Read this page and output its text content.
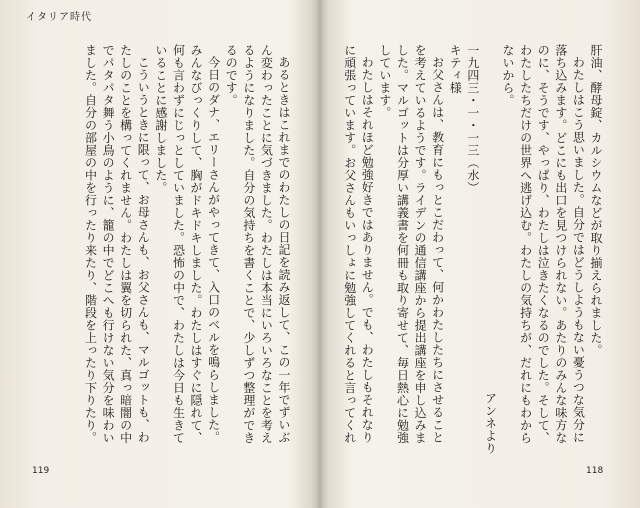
イタリア時代

あるときはこれまでのわたしの日記を読み返して、この一年でずいぶん変わったことに気づきました。わたしは本当にいろいろなことを考えるようになりました。自分の気持ちを書くことで、少しずつ整理ができるのです。

今日のダナ、エリーさんがやってきて、入口のベルを鳴らしました。みんなびっくりして、胸がドキドキしました。わたしはすぐに隠れて、何も言わずにじっとしていました。恐怖の中で、わたしは今日も生きていることに感謝しました。

こういうときに限って、お母さんも、お父さんも、マルゴットも、わたしのことを構ってくれません。わたしは翼を切られた、真っ暗闇の中でパタパタ舞う小鳥のように、籠の中でどこへも行けない気分を味わいました。自分の部屋の中を行ったり来たり、階段を上ったり下りたり。	肝油、酵母錠、カルシウムなどが取り揃えられました。

わたしはこう思いました。自分ではどうしようもない憂うつな気分に落ち込みます。どこにも出口を見つけられない。あたりのみんな味方なのに、そうです、やっぱり、わたしは泣きたくなるのでした。そして、わたしたちだけの世界へ逃げ込む。わたしの気持ちが、だれにもわからないから。

アンネより

一九四三・一・一三（水）

キティ様

お父さんは、教育にもっとこだわって、何かわたしたちにさせることを考えているようです。ライデンの通信講座から提出講座を申し込みました。マルゴットは分厚い講義書を何冊も取り寄せて、毎日熱心に勉強しています。

わたしはそれほど勉強好きではありません。でも、わたしもそれなりに頑張っています。お父さんもいっしょに勉強してくれると言ってくれ

119	118
